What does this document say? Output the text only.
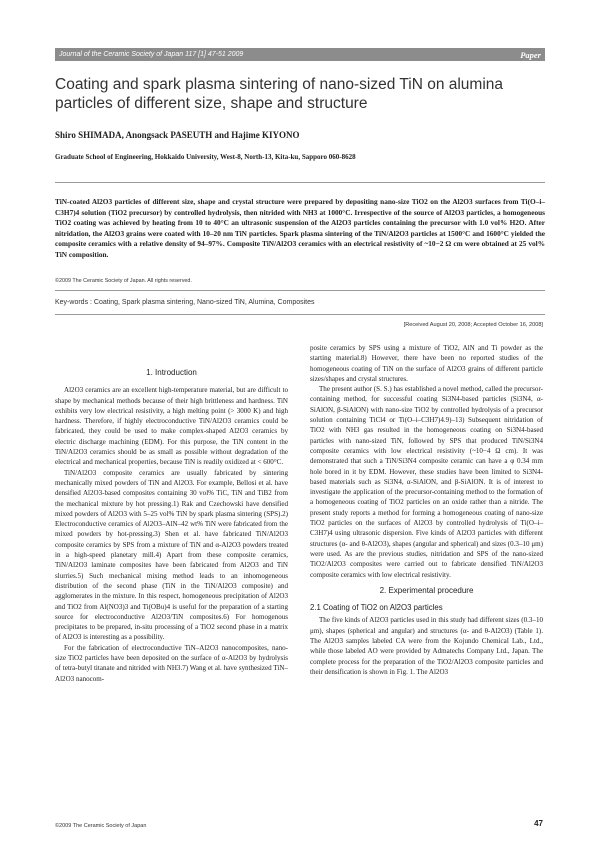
Journal of the Ceramic Society of Japan 117 [1] 47-51 2009	Paper
Coating and spark plasma sintering of nano-sized TiN on alumina particles of different size, shape and structure
Shiro SHIMADA, Anongsack PASEUTH and Hajime KIYONO
Graduate School of Engineering, Hokkaido University, West-8, North-13, Kita-ku, Sapporo 060-8628
TiN-coated Al2O3 particles of different size, shape and crystal structure were prepared by depositing nano-size TiO2 on the Al2O3 surfaces from Ti(O–i–C3H7)4 solution (TiO2 precursor) by controlled hydrolysis, then nitrided with NH3 at 1000°C. Irrespective of the source of Al2O3 particles, a homogeneous TiO2 coating was achieved by heating from 10 to 40°C an ultrasonic suspension of the Al2O3 particles containing the precursor with 1.0 vol% H2O. After nitridation, the Al2O3 grains were coated with 10–20 nm TiN particles. Spark plasma sintering of the TiN/Al2O3 particles at 1500°C and 1600°C yielded the composite ceramics with a relative density of 94–97%. Composite TiN/Al2O3 ceramics with an electrical resistivity of ~10−2 Ω cm were obtained at 25 vol% TiN composition.
©2009 The Ceramic Society of Japan. All rights reserved.
Key-words : Coating, Spark plasma sintering, Nano-sized TiN, Alumina, Composites
[Received August 20, 2008; Accepted October 16, 2008]
1. Introduction

Al2O3 ceramics are an excellent high-temperature material, but are difficult to shape by mechanical methods because of their high brittleness and hardness. TiN exhibits very low electrical resistivity, a high melting point (> 3000 K) and high hardness. Therefore, if highly electroconductive TiN/Al2O3 ceramics could be fabricated, they could be used to make complex-shaped Al2O3 ceramics by electric discharge machining (EDM). For this purpose, the TiN content in the TiN/Al2O3 ceramics should be as small as possible without degradation of the electrical and mechanical properties, because TiN is readily oxidized at < 600°C.

TiN/Al2O3 composite ceramics are usually fabricated by sintering mechanically mixed powders of TiN and Al2O3. For example, Bellosi et al. have densified Al2O3-based composites containing 30 vol% TiC, TiN and TiB2 from the mechanical mixture by hot pressing.1) Rak and Czechowski have densified mixed powders of Al2O3 with 5–25 vol% TiN by spark plasma sintering (SPS).2) Electroconductive ceramics of Al2O3–AlN–42 wt% TiN were fabricated from the mixed powders by hot-pressing.3) Shen et al. have fabricated TiN/Al2O3 composite ceramics by SPS from a mixture of TiN and α-Al2O3 powders treated in a high-speed planetary mill.4) Apart from these composite ceramics, TiN/Al2O3 laminate composites have been fabricated from Al2O3 and TiN slurries.5) Such mechanical mixing method leads to an inhomogeneous distribution of the second phase (TiN in the TiN/Al2O3 composite) and agglomerates in the mixture. In this respect, homogeneous precipitation of Al2O3 and TiO2 from Al(NO3)3 and Ti(OBu)4 is useful for the preparation of a starting source for electroconductive Al2O3/TiN composites.6) For homogenous precipitates to be prepared, in-situ processing of a TiO2 second phase in a matrix of Al2O3 is interesting as a possibility.

For the fabrication of electroconductive TiN–Al2O3 nanocomposites, nano-size TiO2 particles have been deposited on the surface of α-Al2O3 by hydrolysis of tetra-butyl titanate and nitrided with NH3.7) Wang et al. have synthesized TiN–Al2O3 nanocom-

posite ceramics by SPS using a mixture of TiO2, AlN and Ti powder as the starting material.8) However, there have been no reported studies of the homogeneous coating of TiN on the surface of Al2O3 grains of different particle sizes/shapes and crystal structures.

The present author (S. S.) has established a novel method, called the precursor-containing method, for successful coating Si3N4-based particles (Si3N4, α-SiAlON, β-SiAlON) with nano-size TiO2 by controlled hydrolysis of a precursor solution containing TiCl4 or Ti(O–i–C3H7)4.9)–13) Subsequent nitridation of TiO2 with NH3 gas resulted in the homogeneous coating on Si3N4-based particles with nano-sized TiN, followed by SPS that produced TiN/Si3N4 composite ceramics with low electrical resistivity (~10−4 Ω cm). It was demonstrated that such a TiN/Si3N4 composite ceramic can have a φ 0.34 mm hole bored in it by EDM. However, these studies have been limited to Si3N4-based materials such as Si3N4, α-SiAlON, and β-SiAlON. It is of interest to investigate the application of the precursor-containing method to the formation of a homogeneous coating of TiO2 particles on an oxide rather than a nitride. The present study reports a method for forming a homogeneous coating of nano-size TiO2 particles on the surfaces of Al2O3 by controlled hydrolysis of Ti(O–i–C3H7)4 using ultrasonic dispersion. Five kinds of Al2O3 particles with different structures (α- and θ-Al2O3), shapes (angular and spherical) and sizes (0.3–10 μm) were used. As are the previous studies, nitridation and SPS of the nano-sized TiO2/Al2O3 composites were carried out to fabricate densified TiN/Al2O3 composite ceramics with low electrical resistivity.

2. Experimental procedure
2.1 Coating of TiO2 on Al2O3 particles

The five kinds of Al2O3 particles used in this study had different sizes (0.3–10 μm), shapes (spherical and angular) and structures (α- and θ-Al2O3) (Table 1). The Al2O3 samples labeled CA were from the Kojundo Chemical Lab., Ltd., while those labeled AO were provided by Admatechs Company Ltd., Japan. The complete process for the preparation of the TiO2/Al2O3 composite particles and their densification is shown in Fig. 1. The Al2O3

©2009 The Ceramic Society of Japan	47
